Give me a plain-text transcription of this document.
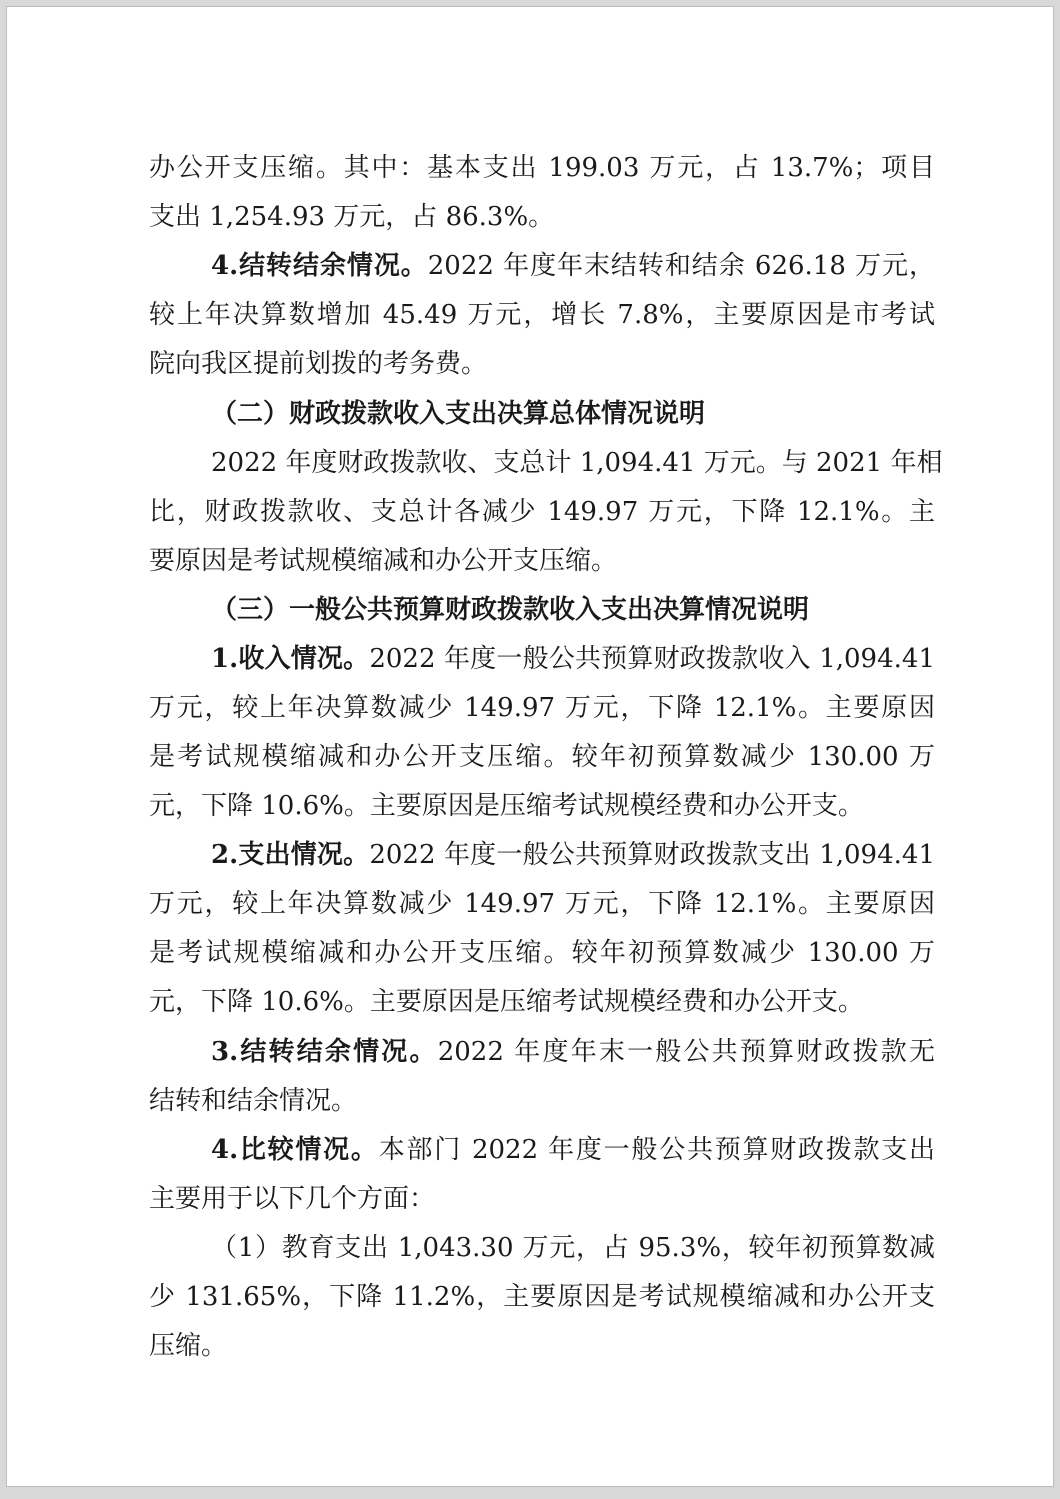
办公开支压缩。其中：基本支出 199.03 万元，占 13.7%；项目
支出 1,254.93 万元，占 86.3%。
4.结转结余情况。2022 年度年末结转和结余 626.18 万元，
较上年决算数增加 45.49 万元，增长 7.8%，主要原因是市考试
院向我区提前划拨的考务费。
（二）财政拨款收入支出决算总体情况说明
2022 年度财政拨款收、支总计 1,094.41 万元。与 2021 年相
比，财政拨款收、支总计各减少 149.97 万元，下降 12.1%。主
要原因是考试规模缩减和办公开支压缩。
（三）一般公共预算财政拨款收入支出决算情况说明
1.收入情况。2022 年度一般公共预算财政拨款收入 1,094.41
万元，较上年决算数减少 149.97 万元，下降 12.1%。主要原因
是考试规模缩减和办公开支压缩。较年初预算数减少 130.00 万
元，下降 10.6%。主要原因是压缩考试规模经费和办公开支。
2.支出情况。2022 年度一般公共预算财政拨款支出 1,094.41
万元，较上年决算数减少 149.97 万元，下降 12.1%。主要原因
是考试规模缩减和办公开支压缩。较年初预算数减少 130.00 万
元，下降 10.6%。主要原因是压缩考试规模经费和办公开支。
3.结转结余情况。2022 年度年末一般公共预算财政拨款无
结转和结余情况。
4.比较情况。本部门 2022 年度一般公共预算财政拨款支出
主要用于以下几个方面：
（1）教育支出 1,043.30 万元，占 95.3%，较年初预算数减
少 131.65%，下降 11.2%，主要原因是考试规模缩减和办公开支
压缩。
